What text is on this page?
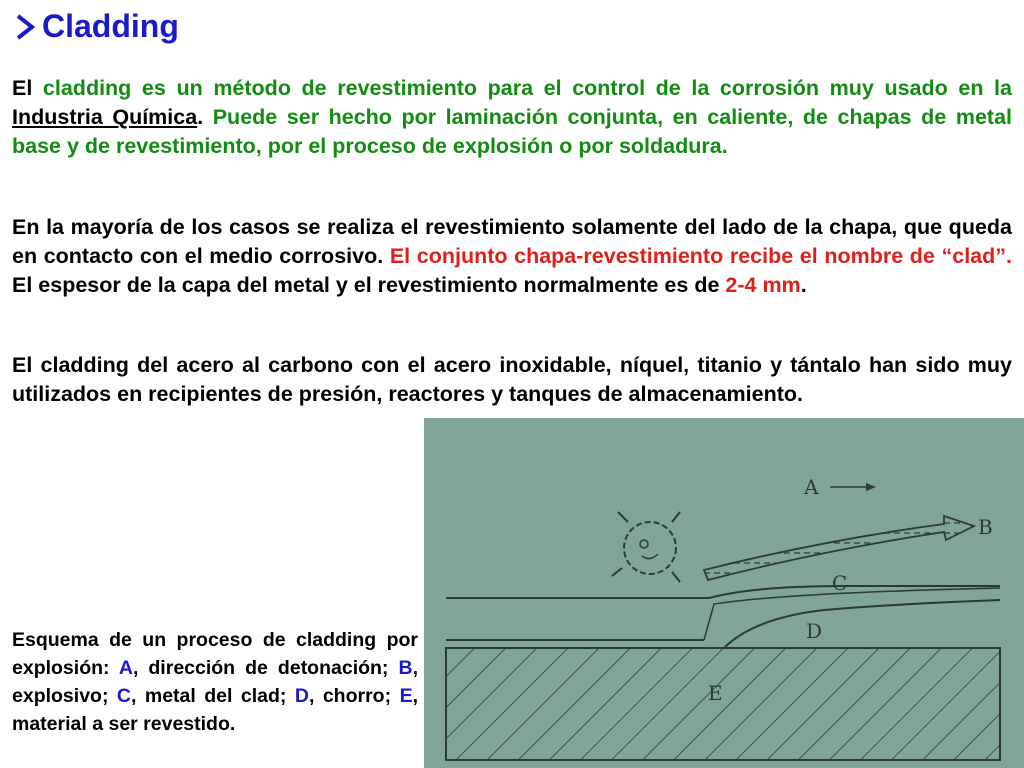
Cladding

El cladding es un método de revestimiento para el control de la corrosión muy usado en la Industria Química. Puede ser hecho por laminación conjunta, en caliente, de chapas de metal base y de revestimiento, por el proceso de explosión o por soldadura.

En la mayoría de los casos se realiza el revestimiento solamente del lado de la chapa, que queda en contacto con el medio corrosivo. El conjunto chapa-revestimiento recibe el nombre de “clad”. El espesor de la capa del metal y el revestimiento normalmente es de 2-4 mm.

El cladding del acero al carbono con el acero inoxidable, níquel, titanio y tántalo han sido muy utilizados en recipientes de presión, reactores y tanques de almacenamiento.

Esquema de un proceso de cladding por explosión: A, dirección de detonación; B, explosivo; C, metal del clad; D, chorro; E, material a ser revestido.

A
B
C
D
E
